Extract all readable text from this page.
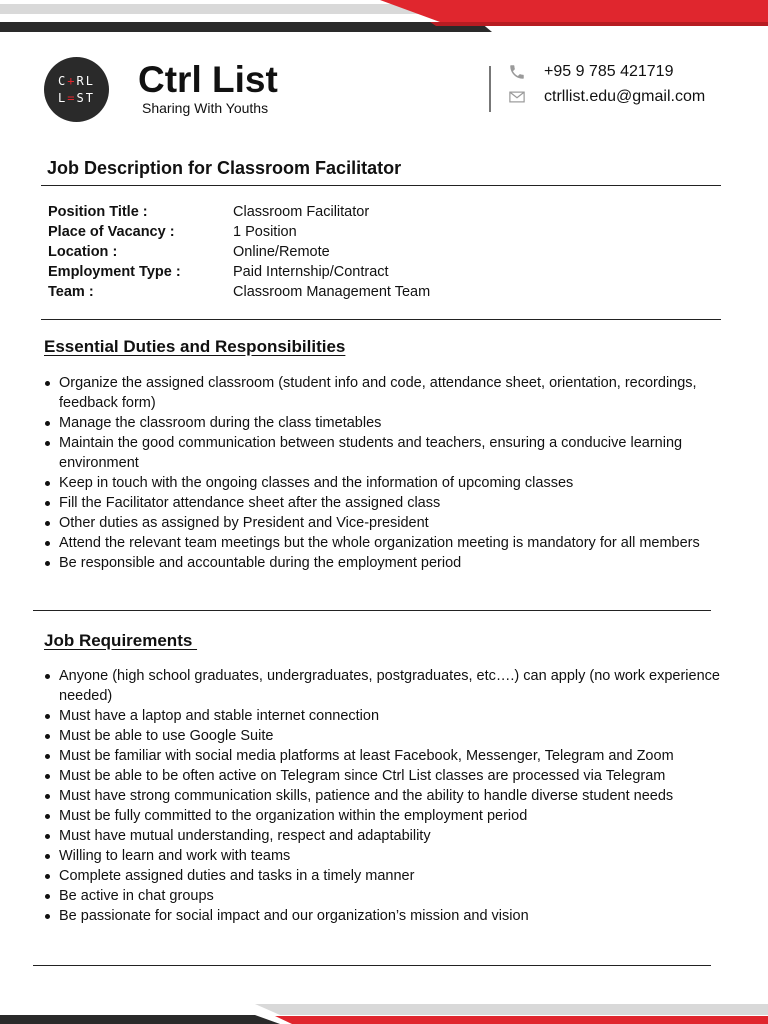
C+RL
L=ST Ctrl List
Sharing With Youths
+95 9 785 421719
ctrllist.edu@gmail.com
Job Description for Classroom Facilitator
Position Title :	Classroom Facilitator
Place of Vacancy :	1 Position
Location :	Online/Remote
Employment Type :	Paid Internship/Contract
Team :	Classroom Management Team
Essential Duties and Responsibilities
Organize the assigned classroom (student info and code, attendance sheet, orientation, recordings, feedback form)
Manage the classroom during the class timetables
Maintain the good communication between students and teachers, ensuring a conducive learning environment
Keep in touch with the ongoing classes and the information of upcoming classes
Fill the Facilitator attendance sheet after the assigned class
Other duties as assigned by President and Vice-president
Attend the relevant team meetings but the whole organization meeting is mandatory for all members
Be responsible and accountable during the employment period
Job Requirements
Anyone (high school graduates, undergraduates, postgraduates, etc….) can apply (no work experience needed)
Must have a laptop and stable internet connection
Must be able to use Google Suite
Must be familiar with social media platforms at least Facebook, Messenger, Telegram and Zoom
Must be able to be often active on Telegram since Ctrl List classes are processed via Telegram
Must have strong communication skills, patience and the ability to handle diverse student needs
Must be fully committed to the organization within the employment period
Must have mutual understanding, respect and adaptability
Willing to learn and work with teams
Complete assigned duties and tasks in a timely manner
Be active in chat groups
Be passionate for social impact and our organization’s mission and vision
